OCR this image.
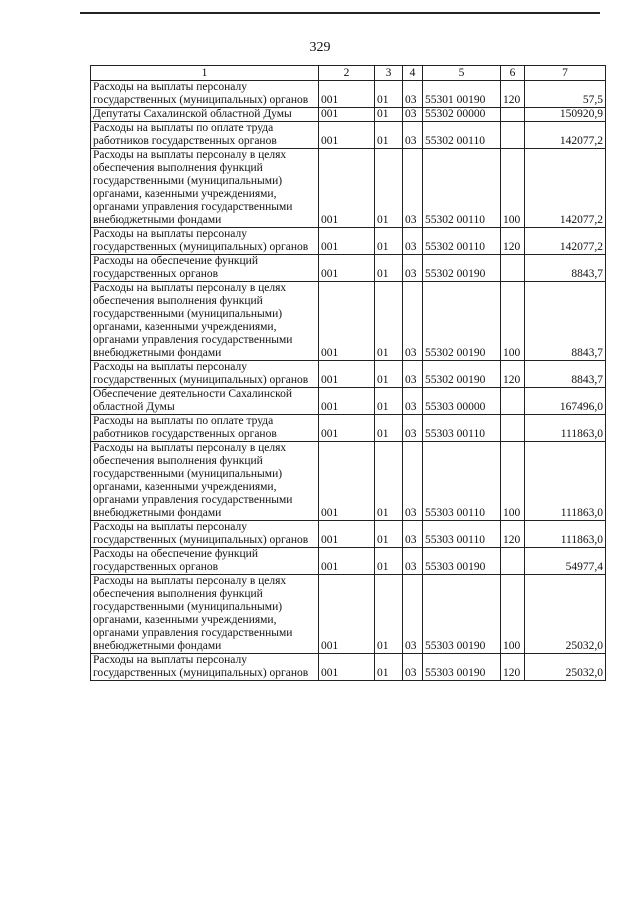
329
1	2	3	4	5	6	7
Расходы на выплаты персоналу государственных (муниципальных) органов	001	01	03	55301 00190	120	57,5
Депутаты Сахалинской областной Думы	001	01	03	55302 00000		150920,9
Расходы на выплаты по оплате труда работников государственных органов	001	01	03	55302 00110		142077,2
Расходы на выплаты персоналу в целях обеспечения выполнения функций государственными (муниципальными) органами, казенными учреждениями, органами управления государственными внебюджетными фондами	001	01	03	55302 00110	100	142077,2
Расходы на выплаты персоналу государственных (муниципальных) органов	001	01	03	55302 00110	120	142077,2
Расходы на обеспечение функций государственных органов	001	01	03	55302 00190		8843,7
Расходы на выплаты персоналу в целях обеспечения выполнения функций государственными (муниципальными) органами, казенными учреждениями, органами управления государственными внебюджетными фондами	001	01	03	55302 00190	100	8843,7
Расходы на выплаты персоналу государственных (муниципальных) органов	001	01	03	55302 00190	120	8843,7
Обеспечение деятельности Сахалинской областной Думы	001	01	03	55303 00000		167496,0
Расходы на выплаты по оплате труда работников государственных органов	001	01	03	55303 00110		111863,0
Расходы на выплаты персоналу в целях обеспечения выполнения функций государственными (муниципальными) органами, казенными учреждениями, органами управления государственными внебюджетными фондами	001	01	03	55303 00110	100	111863,0
Расходы на выплаты персоналу государственных (муниципальных) органов	001	01	03	55303 00110	120	111863,0
Расходы на обеспечение функций государственных органов	001	01	03	55303 00190		54977,4
Расходы на выплаты персоналу в целях обеспечения выполнения функций государственными (муниципальными) органами, казенными учреждениями, органами управления государственными внебюджетными фондами	001	01	03	55303 00190	100	25032,0
Расходы на выплаты персоналу государственных (муниципальных) органов	001	01	03	55303 00190	120	25032,0
